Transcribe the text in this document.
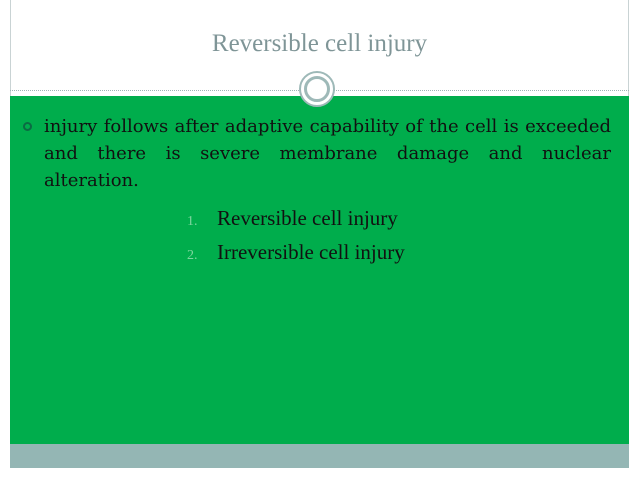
Reversible cell injury
injury follows after adaptive capability of the cell is exceeded and there is severe membrane damage and nuclear alteration.
1. Reversible cell injury
2. Irreversible cell injury
